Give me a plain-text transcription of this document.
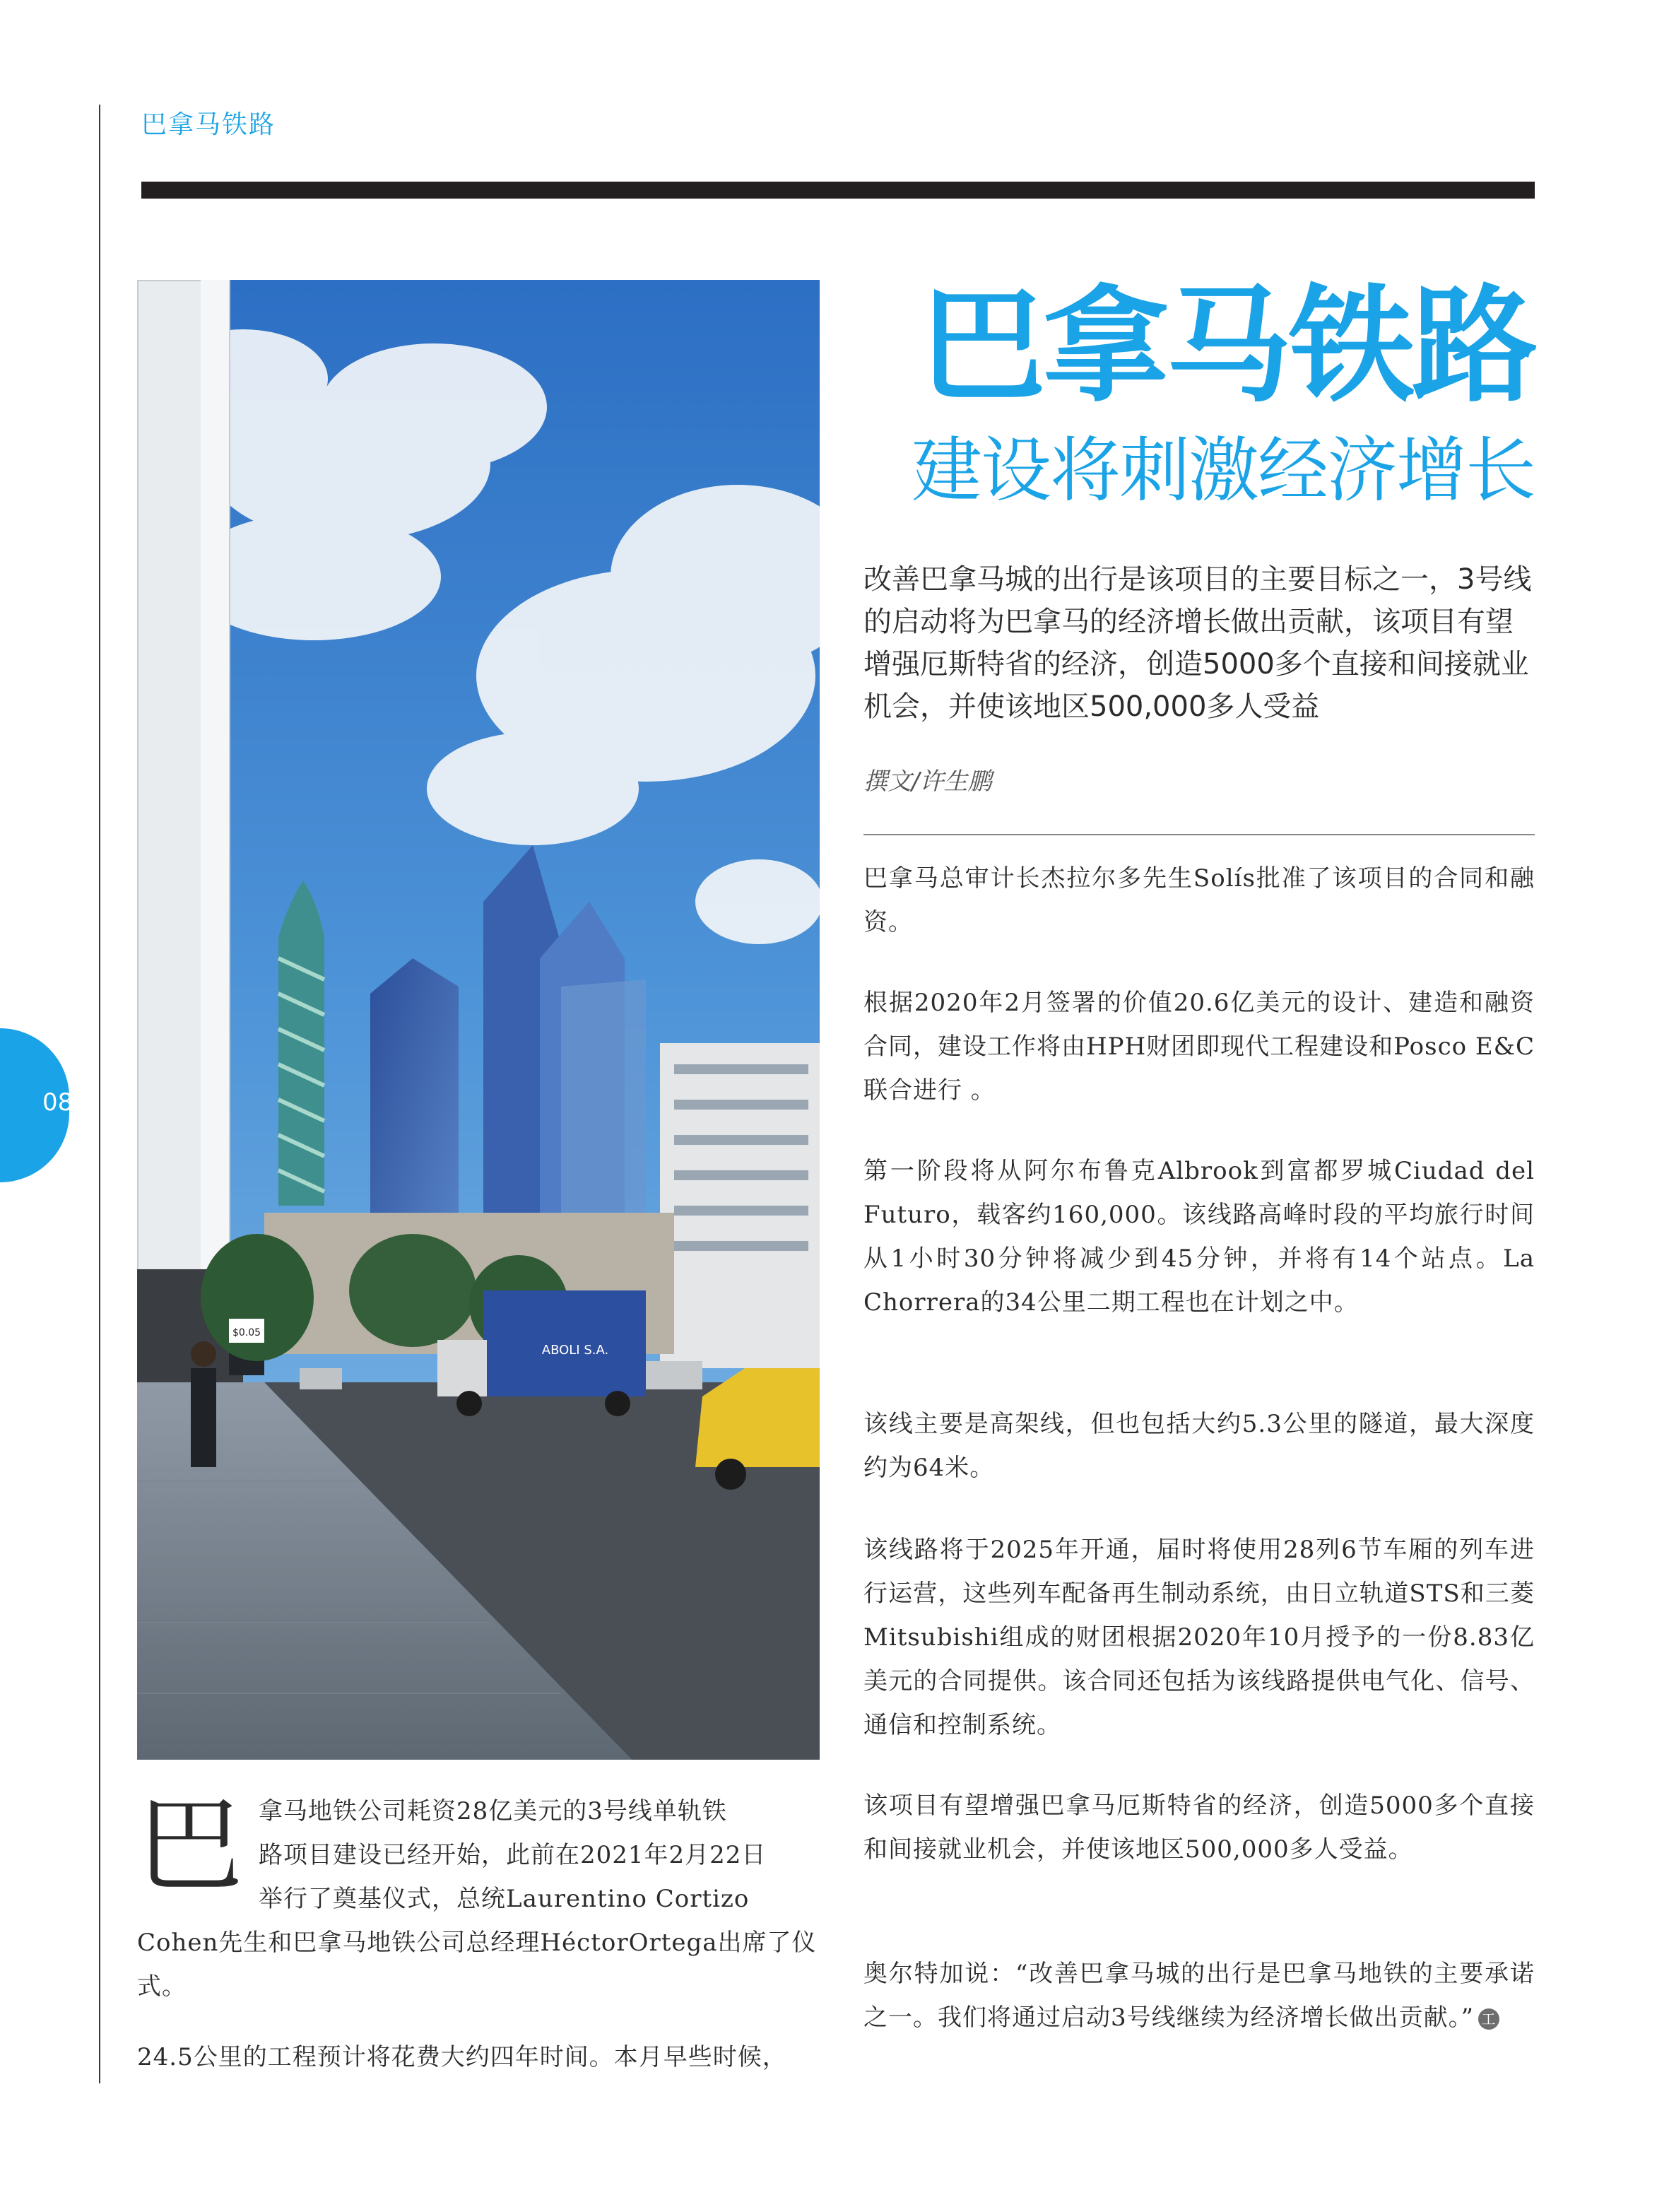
巴拿马铁路
08
ABOLI S.A.
$0.05
巴拿马铁路
建设将刺激经济增长

改善巴拿马城的出行是该项目的主要目标之一，3号线的启动将为巴拿马的经济增长做出贡献，该项目有望增强厄斯特省的经济，创造5000多个直接和间接就业机会，并使该地区500,000多人受益

撰文/许生鹏

巴拿马总审计长杰拉尔多先生Solís批准了该项目的合同和融资。

根据2020年2月签署的价值20.6亿美元的设计、建造和融资合同，建设工作将由HPH财团即现代工程建设和Posco E&C联合进行 。

第一阶段将从阿尔布鲁克Albrook到富都罗城Ciudad del Futuro，载客约160,000。该线路高峰时段的平均旅行时间从1小时30分钟将减少到45分钟，并将有14个站点。La Chorrera的34公里二期工程也在计划之中。

该线主要是高架线，但也包括大约5.3公里的隧道，最大深度约为64米。

该线路将于2025年开通，届时将使用28列6节车厢的列车进行运营，这些列车配备再生制动系统，由日立轨道STS和三菱Mitsubishi组成的财团根据2020年10月授予的一份8.83亿美元的合同提供。该合同还包括为该线路提供电气化、信号、通信和控制系统。

该项目有望增强巴拿马厄斯特省的经济，创造5000多个直接和间接就业机会，并使该地区500,000多人受益。

奥尔特加说：“改善巴拿马城的出行是巴拿马地铁的主要承诺之一。我们将通过启动3号线继续为经济增长做出贡献。” 工

巴 拿马地铁公司耗资28亿美元的3号线单轨铁
路项目建设已经开始，此前在2021年2月22日
举行了奠基仪式，总统Laurentino Cortizo
Cohen先生和巴拿马地铁公司总经理HéctorOrtega出席了仪式。

24.5公里的工程预计将花费大约四年时间。本月早些时候，
